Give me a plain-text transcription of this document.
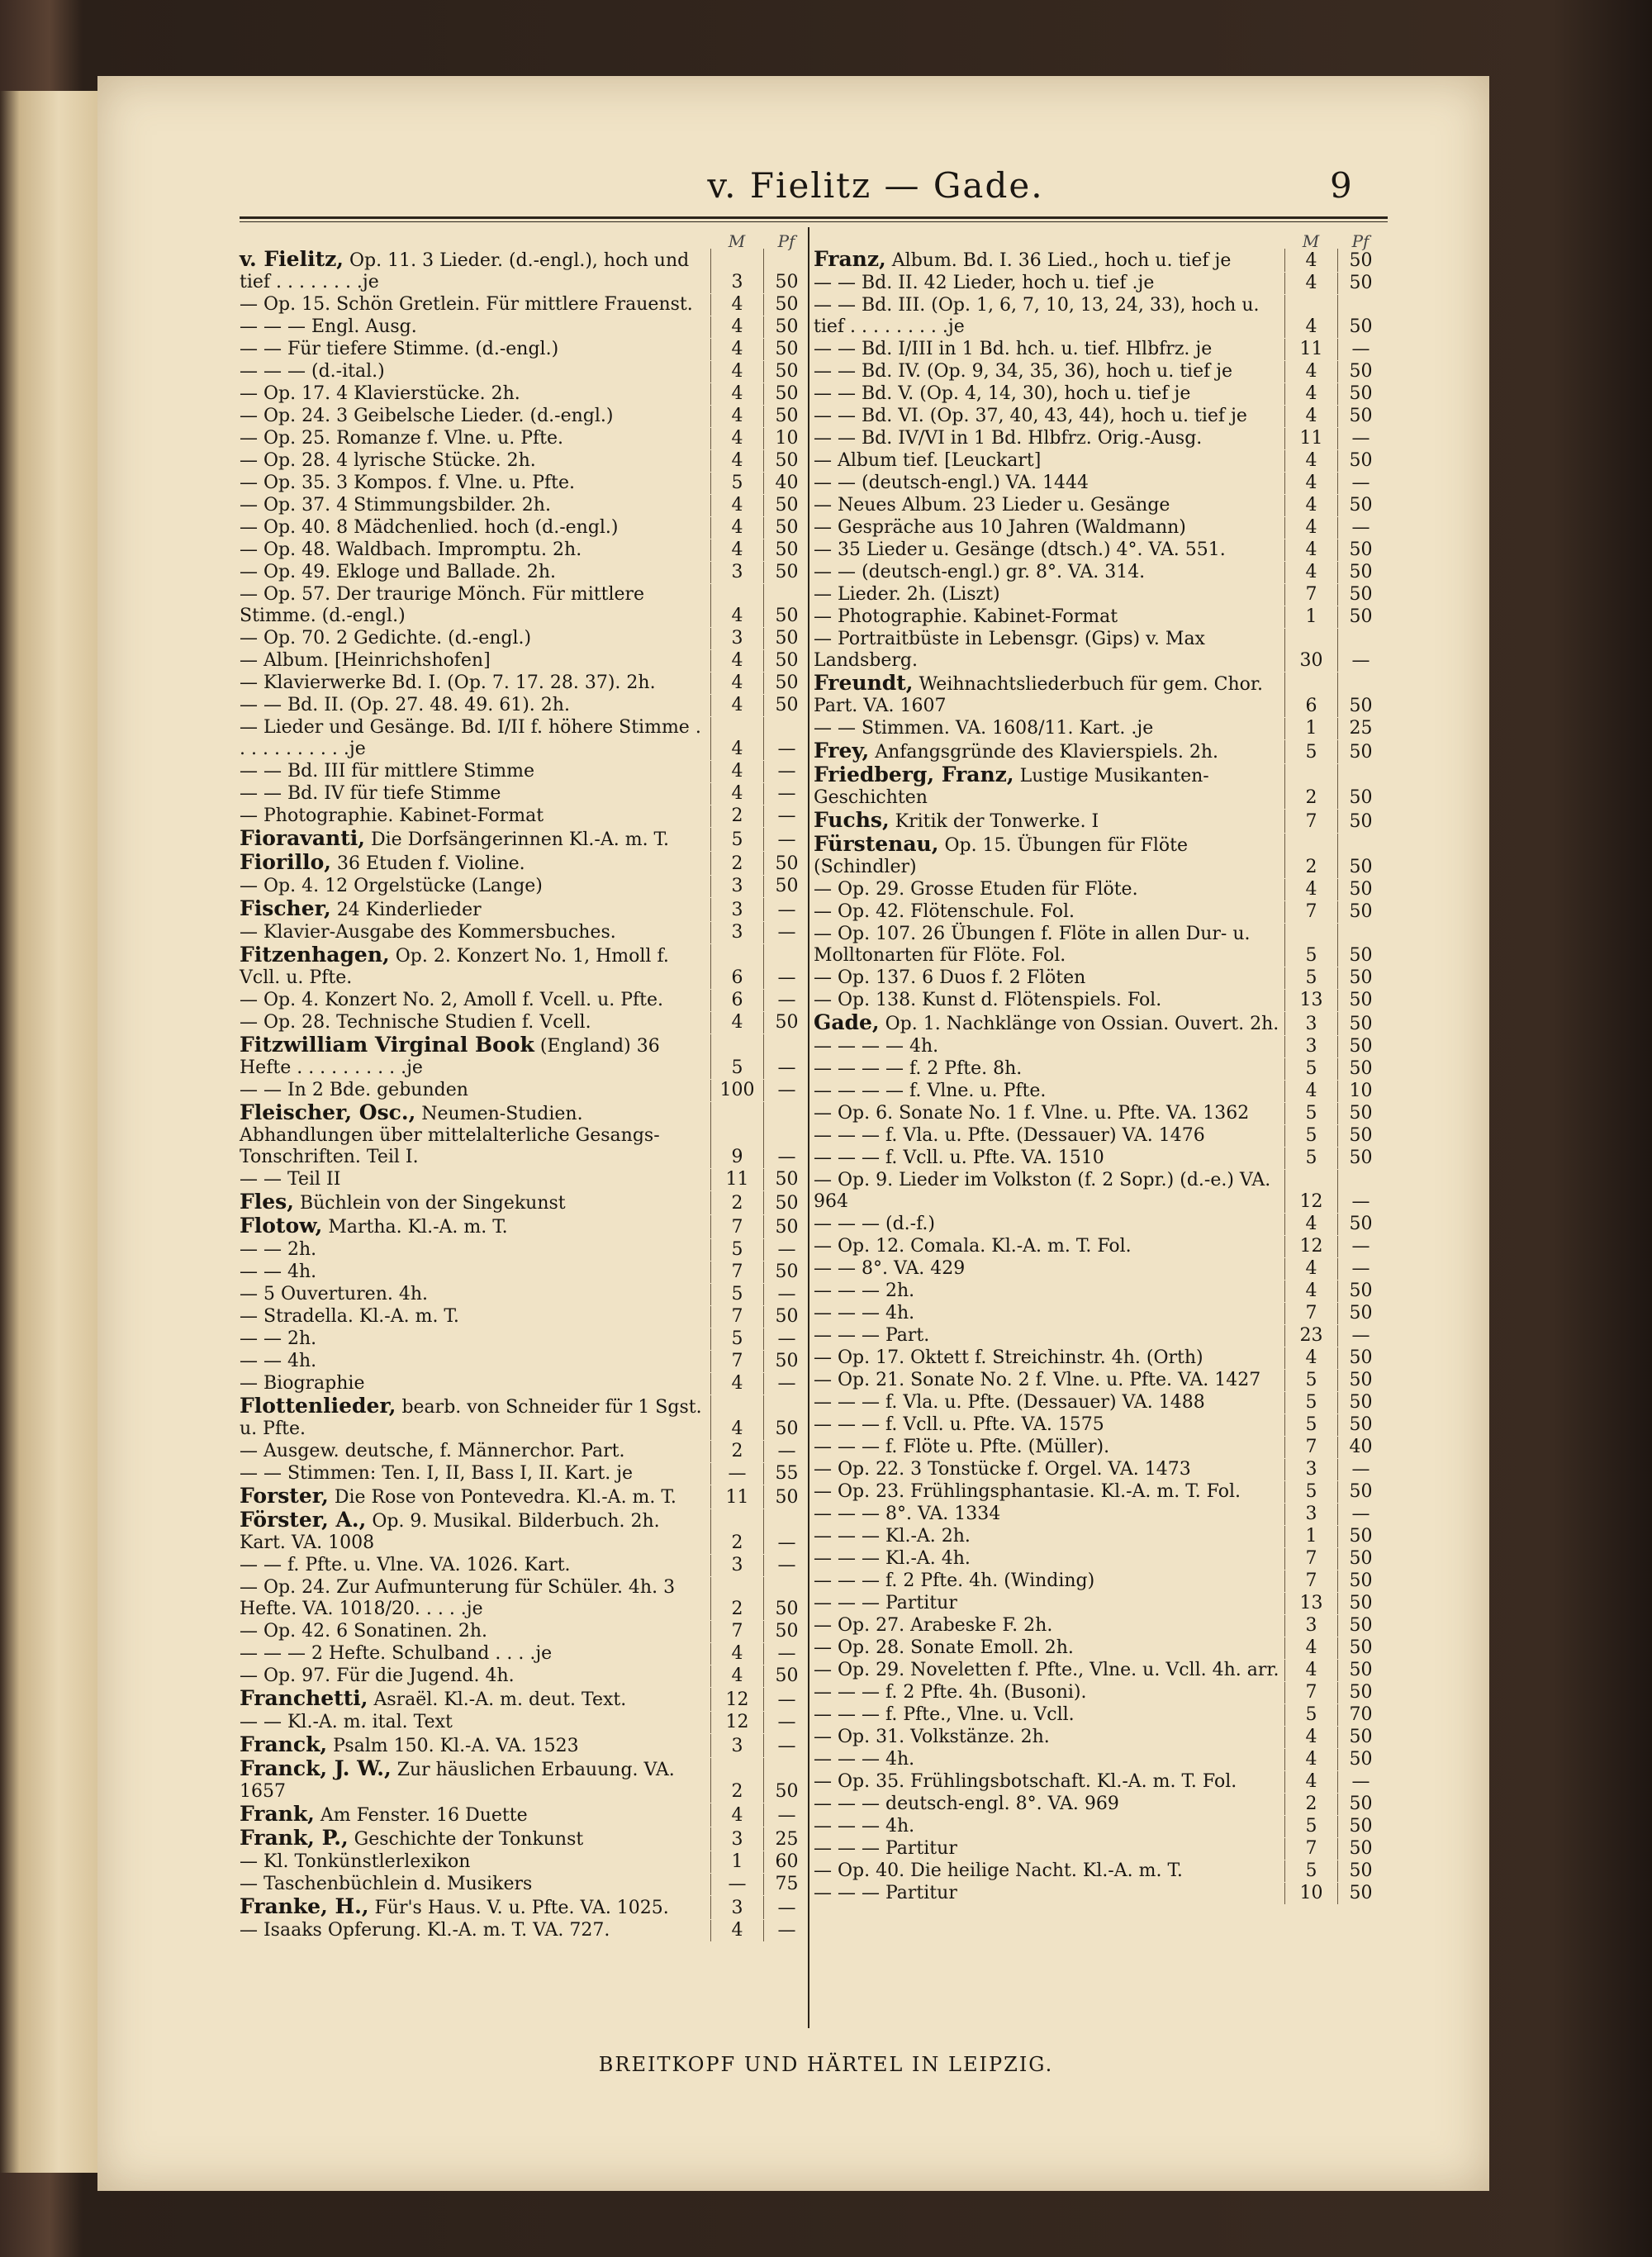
v. Fielitz — Gade.	9
M	Pf
v. Fielitz, Op. 11. 3 Lieder. (d.-engl.), hoch und tief . . . . . . . .je	3	50
— Op. 15. Schön Gretlein. Für mittlere Frauenst.	4	50
— — — Engl. Ausg.	4	50
— — Für tiefere Stimme. (d.-engl.)	4	50
— — — (d.-ital.)	4	50
— Op. 17. 4 Klavierstücke. 2h.	4	50
— Op. 24. 3 Geibelsche Lieder. (d.-engl.)	4	50
— Op. 25. Romanze f. Vlne. u. Pfte.	4	10
— Op. 28. 4 lyrische Stücke. 2h.	4	50
— Op. 35. 3 Kompos. f. Vlne. u. Pfte.	5	40
— Op. 37. 4 Stimmungsbilder. 2h.	4	50
— Op. 40. 8 Mädchenlied. hoch (d.-engl.)	4	50
— Op. 48. Waldbach. Impromptu. 2h.	4	50
— Op. 49. Ekloge und Ballade. 2h.	3	50
— Op. 57. Der traurige Mönch. Für mittlere Stimme. (d.-engl.)	4	50
— Op. 70. 2 Gedichte. (d.-engl.)	3	50
— Album. [Heinrichshofen]	4	50
— Klavierwerke Bd. I. (Op. 7. 17. 28. 37). 2h.	4	50
— — Bd. II. (Op. 27. 48. 49. 61). 2h.	4	50
— Lieder und Gesänge. Bd. I/II f. höhere Stimme . . . . . . . . . . .je	4	—
— — Bd. III für mittlere Stimme	4	—
— — Bd. IV für tiefe Stimme	4	—
— Photographie. Kabinet-Format	2	—
Fioravanti, Die Dorfsängerinnen Kl.-A. m. T.	5	—
Fiorillo, 36 Etuden f. Violine.	2	50
— Op. 4. 12 Orgelstücke (Lange)	3	50
Fischer, 24 Kinderlieder	3	—
— Klavier-Ausgabe des Kommersbuches.	3	—
Fitzenhagen, Op. 2. Konzert No. 1, Hmoll f. Vcll. u. Pfte.	6	—
— Op. 4. Konzert No. 2, Amoll f. Vcell. u. Pfte.	6	—
— Op. 28. Technische Studien f. Vcell.	4	50
Fitzwilliam Virginal Book (England) 36 Hefte . . . . . . . . . .je	5	—
— — In 2 Bde. gebunden	100	—
Fleischer, Osc., Neumen-Studien. Abhandlungen über mittelalterliche Gesangs-Tonschriften. Teil I.	9	—
— — Teil II	11	50
Fles, Büchlein von der Singekunst	2	50
Flotow, Martha. Kl.-A. m. T.	7	50
— — 2h.	5	—
— — 4h.	7	50
— 5 Ouverturen. 4h.	5	—
— Stradella. Kl.-A. m. T.	7	50
— — 2h.	5	—
— — 4h.	7	50
— Biographie	4	—
Flottenlieder, bearb. von Schneider für 1 Sgst. u. Pfte.	4	50
— Ausgew. deutsche, f. Männerchor. Part.	2	—
— — Stimmen: Ten. I, II, Bass I, II. Kart. je	—	55
Forster, Die Rose von Pontevedra. Kl.-A. m. T.	11	50
Förster, A., Op. 9. Musikal. Bilderbuch. 2h. Kart. VA. 1008	2	—
— — f. Pfte. u. Vlne. VA. 1026. Kart.	3	—
— Op. 24. Zur Aufmunterung für Schüler. 4h. 3 Hefte. VA. 1018/20. . . . .je	2	50
— Op. 42. 6 Sonatinen. 2h.	7	50
— — — 2 Hefte. Schulband . . . .je	4	—
— Op. 97. Für die Jugend. 4h.	4	50
Franchetti, Asraël. Kl.-A. m. deut. Text.	12	—
— — Kl.-A. m. ital. Text	12	—
Franck, Psalm 150. Kl.-A. VA. 1523	3	—
Franck, J. W., Zur häuslichen Erbauung. VA. 1657	2	50
Frank, Am Fenster. 16 Duette	4	—
Frank, P., Geschichte der Tonkunst	3	25
— Kl. Tonkünstlerlexikon	1	60
— Taschenbüchlein d. Musikers	—	75
Franke, H., Für's Haus. V. u. Pfte. VA. 1025.	3	—
— Isaaks Opferung. Kl.-A. m. T. VA. 727.	4	—
M	Pf
Franz, Album. Bd. I. 36 Lied., hoch u. tief je	4	50
— — Bd. II. 42 Lieder, hoch u. tief .je	4	50
— — Bd. III. (Op. 1, 6, 7, 10, 13, 24, 33), hoch u. tief . . . . . . . . .je	4	50
— — Bd. I/III in 1 Bd. hch. u. tief. Hlbfrz. je	11	—
— — Bd. IV. (Op. 9, 34, 35, 36), hoch u. tief je	4	50
— — Bd. V. (Op. 4, 14, 30), hoch u. tief je	4	50
— — Bd. VI. (Op. 37, 40, 43, 44), hoch u. tief je	4	50
— — Bd. IV/VI in 1 Bd. Hlbfrz. Orig.-Ausg.	11	—
— Album tief. [Leuckart]	4	50
— — (deutsch-engl.) VA. 1444	4	—
— Neues Album. 23 Lieder u. Gesänge	4	50
— Gespräche aus 10 Jahren (Waldmann)	4	—
— 35 Lieder u. Gesänge (dtsch.) 4°. VA. 551.	4	50
— — (deutsch-engl.) gr. 8°. VA. 314.	4	50
— Lieder. 2h. (Liszt)	7	50
— Photographie. Kabinet-Format	1	50
— Portraitbüste in Lebensgr. (Gips) v. Max Landsberg.	30	—
Freundt, Weihnachtsliederbuch für gem. Chor. Part. VA. 1607	6	50
— — Stimmen. VA. 1608/11. Kart. .je	1	25
Frey, Anfangsgründe des Klavierspiels. 2h.	5	50
Friedberg, Franz, Lustige Musikanten-Geschichten	2	50
Fuchs, Kritik der Tonwerke. I	7	50
Fürstenau, Op. 15. Übungen für Flöte (Schindler)	2	50
— Op. 29. Grosse Etuden für Flöte.	4	50
— Op. 42. Flötenschule. Fol.	7	50
— Op. 107. 26 Übungen f. Flöte in allen Dur- u. Molltonarten für Flöte. Fol.	5	50
— Op. 137. 6 Duos f. 2 Flöten	5	50
— Op. 138. Kunst d. Flötenspiels. Fol.	13	50
Gade, Op. 1. Nachklänge von Ossian. Ouvert. 2h.	3	50
— — — — 4h.	3	50
— — — — f. 2 Pfte. 8h.	5	50
— — — — f. Vlne. u. Pfte.	4	10
— Op. 6. Sonate No. 1 f. Vlne. u. Pfte. VA. 1362	5	50
— — — f. Vla. u. Pfte. (Dessauer) VA. 1476	5	50
— — — f. Vcll. u. Pfte. VA. 1510	5	50
— Op. 9. Lieder im Volkston (f. 2 Sopr.) (d.-e.) VA. 964	12	—
— — — (d.-f.)	4	50
— Op. 12. Comala. Kl.-A. m. T. Fol.	12	—
— — 8°. VA. 429	4	—
— — — 2h.	4	50
— — — 4h.	7	50
— — — Part.	23	—
— Op. 17. Oktett f. Streichinstr. 4h. (Orth)	4	50
— Op. 21. Sonate No. 2 f. Vlne. u. Pfte. VA. 1427	5	50
— — — f. Vla. u. Pfte. (Dessauer) VA. 1488	5	50
— — — f. Vcll. u. Pfte. VA. 1575	5	50
— — — f. Flöte u. Pfte. (Müller).	7	40
— Op. 22. 3 Tonstücke f. Orgel. VA. 1473	3	—
— Op. 23. Frühlingsphantasie. Kl.-A. m. T. Fol.	5	50
— — — 8°. VA. 1334	3	—
— — — Kl.-A. 2h.	1	50
— — — Kl.-A. 4h.	7	50
— — — f. 2 Pfte. 4h. (Winding)	7	50
— — — Partitur	13	50
— Op. 27. Arabeske F. 2h.	3	50
— Op. 28. Sonate Emoll. 2h.	4	50
— Op. 29. Noveletten f. Pfte., Vlne. u. Vcll. 4h. arr.	4	50
— — — f. 2 Pfte. 4h. (Busoni).	7	50
— — — f. Pfte., Vlne. u. Vcll.	5	70
— Op. 31. Volkstänze. 2h.	4	50
— — — 4h.	4	50
— Op. 35. Frühlingsbotschaft. Kl.-A. m. T. Fol.	4	—
— — — deutsch-engl. 8°. VA. 969	2	50
— — — 4h.	5	50
— — — Partitur	7	50
— Op. 40. Die heilige Nacht. Kl.-A. m. T.	5	50
— — — Partitur	10	50
BREITKOPF UND HÄRTEL IN LEIPZIG.
